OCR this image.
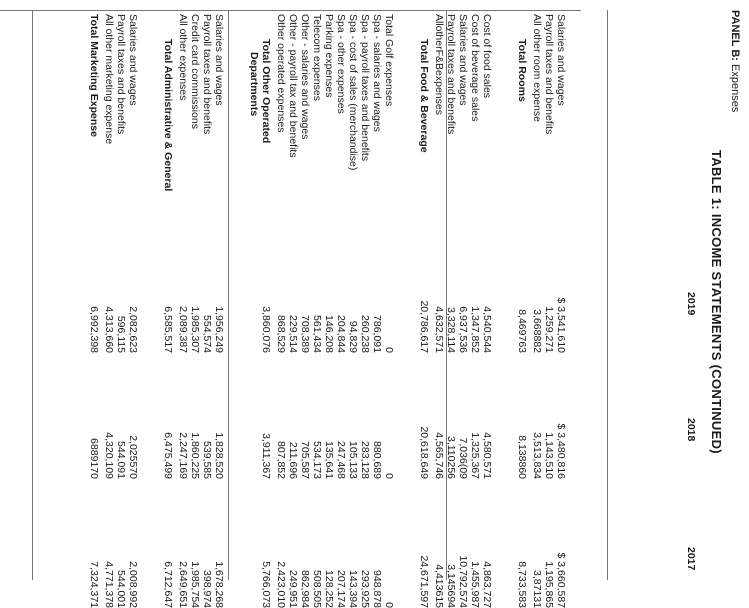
PANEL B: Expenses
TABLE 1: INCOME STATEMENTS (CONTINUED)
2019
2018
2017
Salaries and wages
$ 3,541,610
$ 3,480,816
$ 3,660,587
Payroll taxes and benefits
1,259,271
1,143,510
1,195,865
All other room expense
3,668882
3,513,834
3,87131
Total Rooms
8,469763
8,138860
8,733,583
Cost of food sales
4,540,544
4,580,571
4,863,727
Cost of beverage sales
1,347,852
1,325,367
1,455,987
Salaries and wages
6,937,536
7,036(09
10,792,574
Payroll taxes and benefits
3,328,114
3,110256
3,145694
AllotherF&Bexpenses
4,632,571
4,565,746
4,413615
Total Food & Beverage
20,786,617
20,618,649
24,671,597
Total Golf expenses
0
0
0
Spa - salaries and wages
786,091
880,689
948,878
Spa - payroll taxes and benefits
260,238
283,128
293,925
Spa - cost of sales (merchandise)
94,829
105,133
143,394
Spa - other expenses
204,844
247,468
207,174
Parking expenses
146,208
135,641
128,252
Telecom expenses
561,434
534,173
508,505
Other - salaries and wages
708,389
705,587
862,984
Other - payroll tax and benefits
229,514
211,696
249,951
Other operated expenses
868,529
807,852
2,423,010
Total Other Operated
3,860,076
3,911,367
5,766,073
Departments
Salaries and wages
1,956,249
1,828,520
1,678,268
Payroll taxes and benefits
554,574
539,585
398,974
Credit card commissions
1,985,307
1,860,225
1,985,754
All other expenses
2,089,387
2,247,169
2,649,651
Total Administrative & General
6,585,517
6,475,499
6,712,647
Salaries and wages
2,082,623
2,025570
2,008,992
Payroll taxes and benefits
596,115
544,091
544,001
All other marketing expense
4,313,660
4,320,109
4,771,378
Total Marketing Expense
6,992,398
6889170
7,324,371
